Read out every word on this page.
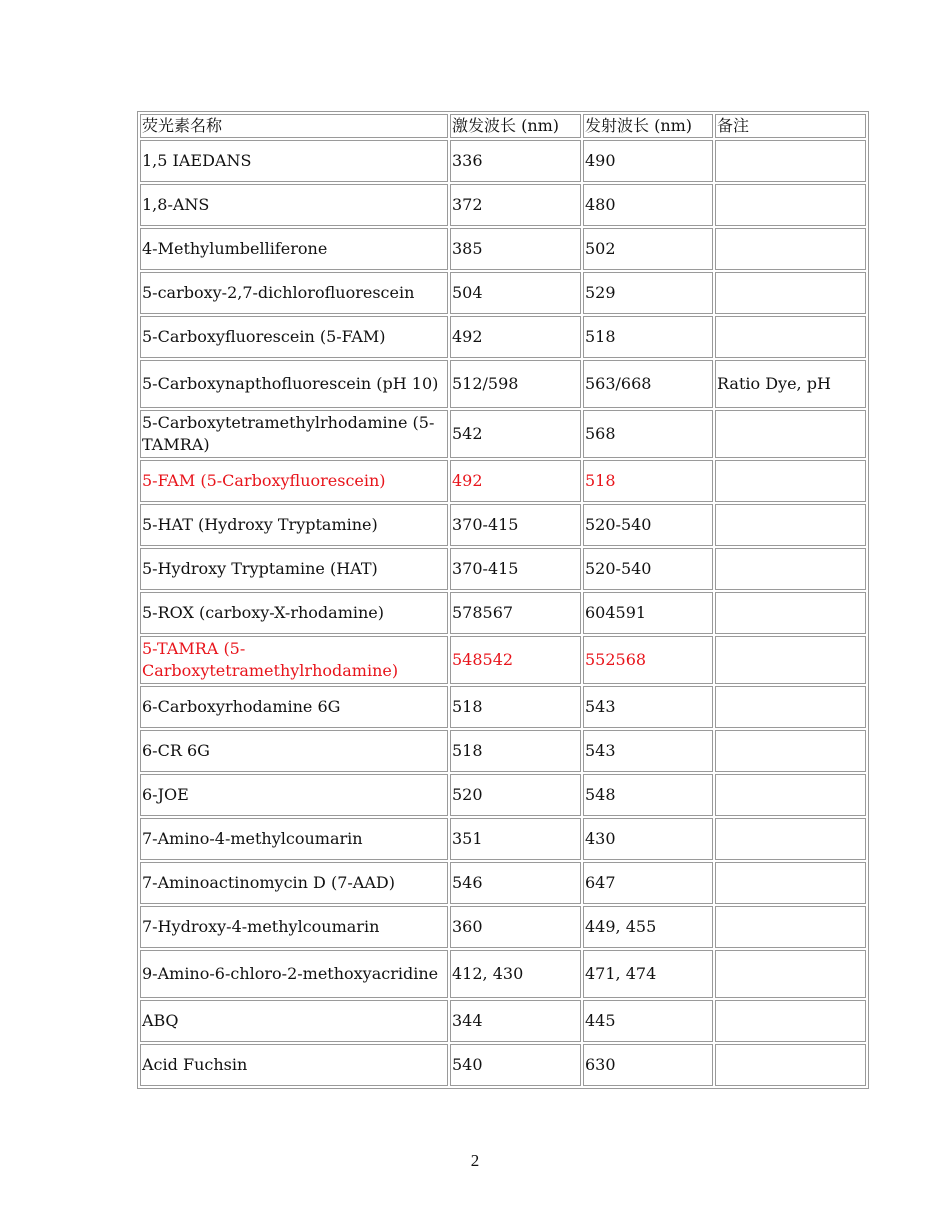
荧光素名称	激发波长 (nm)	发射波长 (nm)	备注
1,5 IAEDANS	336	490	
1,8-ANS	372	480	
4-Methylumbelliferone	385	502	
5-carboxy-2,7-dichlorofluorescein	504	529	
5-Carboxyfluorescein (5-FAM)	492	518	
5-Carboxynapthofluorescein (pH 10)	512/598	563/668	Ratio Dye, pH
5-Carboxytetramethylrhodamine (5-TAMRA)	542	568	
5-FAM (5-Carboxyfluorescein)	492	518	
5-HAT (Hydroxy Tryptamine)	370-415	520-540	
5-Hydroxy Tryptamine (HAT)	370-415	520-540	
5-ROX (carboxy-X-rhodamine)	578567	604591	
5-TAMRA (5-Carboxytetramethylrhodamine)	548542	552568	
6-Carboxyrhodamine 6G	518	543	
6-CR 6G	518	543	
6-JOE	520	548	
7-Amino-4-methylcoumarin	351	430	
7-Aminoactinomycin D (7-AAD)	546	647	
7-Hydroxy-4-methylcoumarin	360	449, 455	
9-Amino-6-chloro-2-methoxyacridine	412, 430	471, 474	
ABQ	344	445	
Acid Fuchsin	540	630	
2
